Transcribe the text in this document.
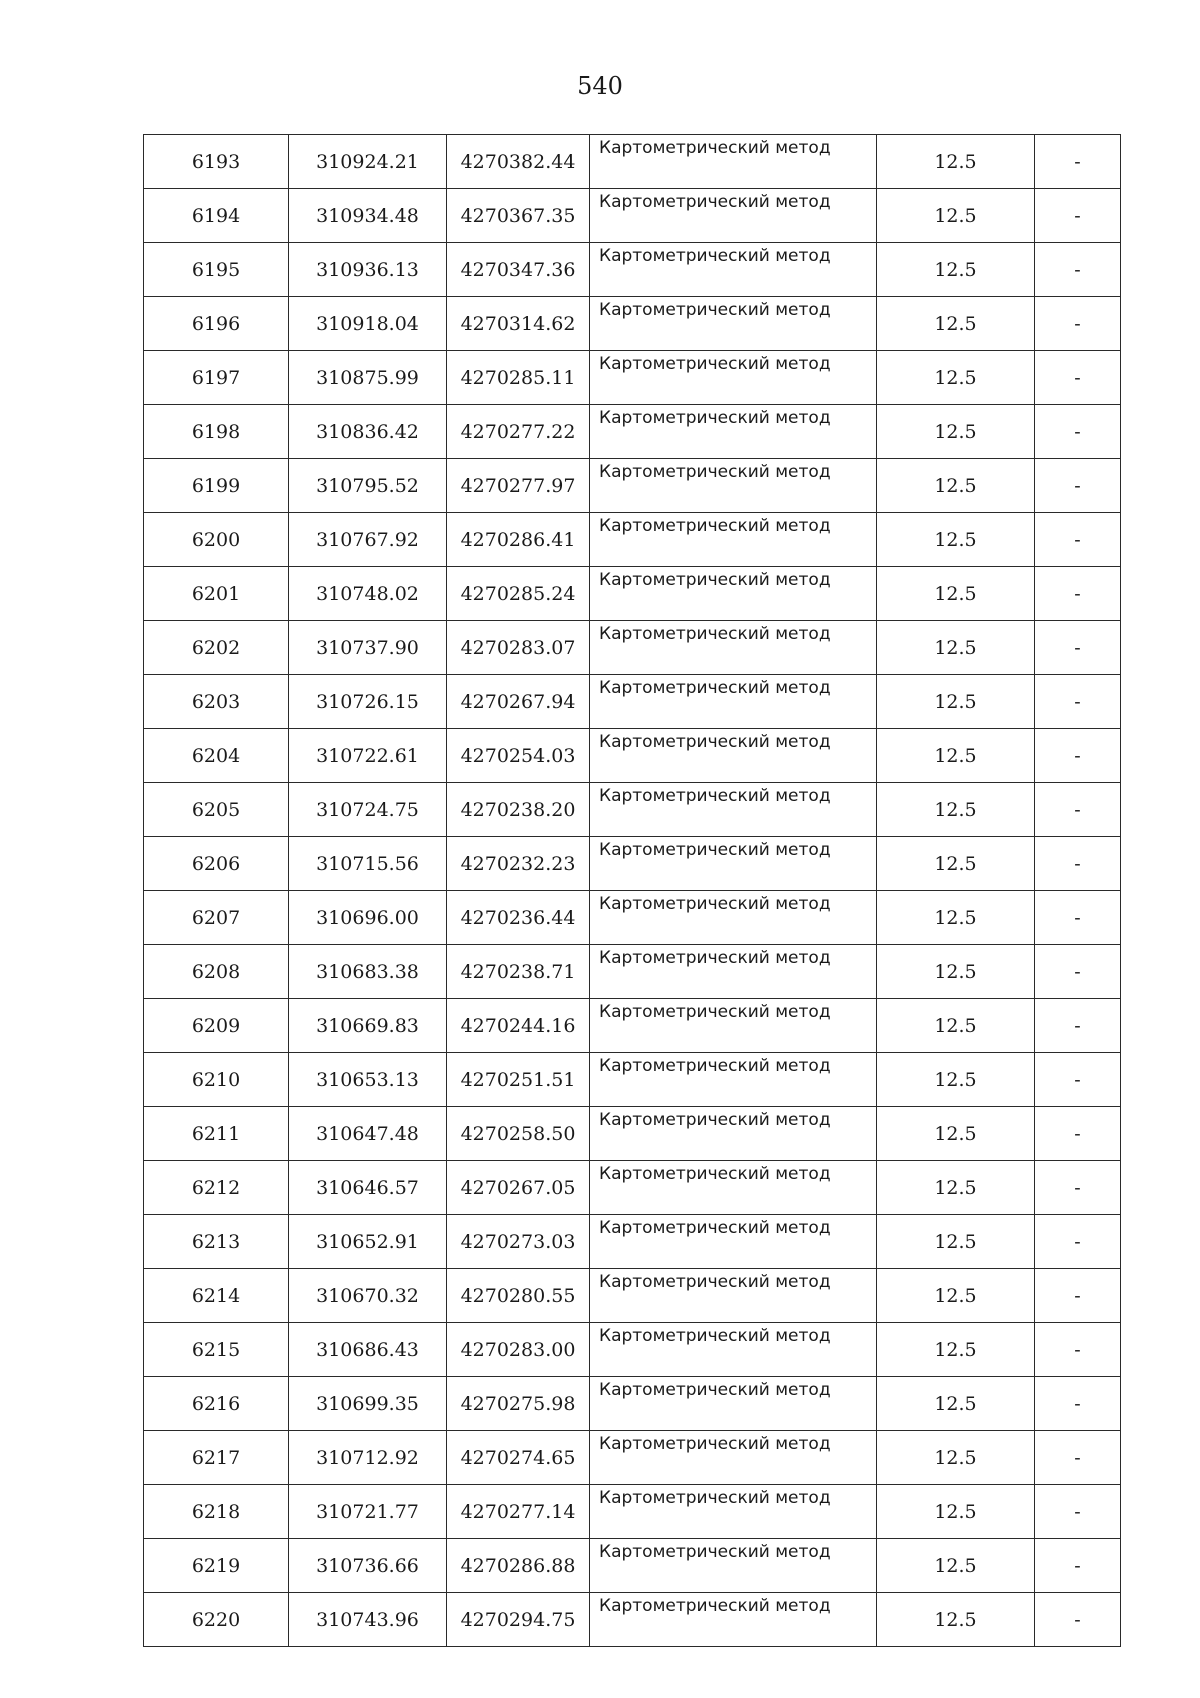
540
6193	310924.21	4270382.44	Картометрический метод	12.5	-
6194	310934.48	4270367.35	Картометрический метод	12.5	-
6195	310936.13	4270347.36	Картометрический метод	12.5	-
6196	310918.04	4270314.62	Картометрический метод	12.5	-
6197	310875.99	4270285.11	Картометрический метод	12.5	-
6198	310836.42	4270277.22	Картометрический метод	12.5	-
6199	310795.52	4270277.97	Картометрический метод	12.5	-
6200	310767.92	4270286.41	Картометрический метод	12.5	-
6201	310748.02	4270285.24	Картометрический метод	12.5	-
6202	310737.90	4270283.07	Картометрический метод	12.5	-
6203	310726.15	4270267.94	Картометрический метод	12.5	-
6204	310722.61	4270254.03	Картометрический метод	12.5	-
6205	310724.75	4270238.20	Картометрический метод	12.5	-
6206	310715.56	4270232.23	Картометрический метод	12.5	-
6207	310696.00	4270236.44	Картометрический метод	12.5	-
6208	310683.38	4270238.71	Картометрический метод	12.5	-
6209	310669.83	4270244.16	Картометрический метод	12.5	-
6210	310653.13	4270251.51	Картометрический метод	12.5	-
6211	310647.48	4270258.50	Картометрический метод	12.5	-
6212	310646.57	4270267.05	Картометрический метод	12.5	-
6213	310652.91	4270273.03	Картометрический метод	12.5	-
6214	310670.32	4270280.55	Картометрический метод	12.5	-
6215	310686.43	4270283.00	Картометрический метод	12.5	-
6216	310699.35	4270275.98	Картометрический метод	12.5	-
6217	310712.92	4270274.65	Картометрический метод	12.5	-
6218	310721.77	4270277.14	Картометрический метод	12.5	-
6219	310736.66	4270286.88	Картометрический метод	12.5	-
6220	310743.96	4270294.75	Картометрический метод	12.5	-
